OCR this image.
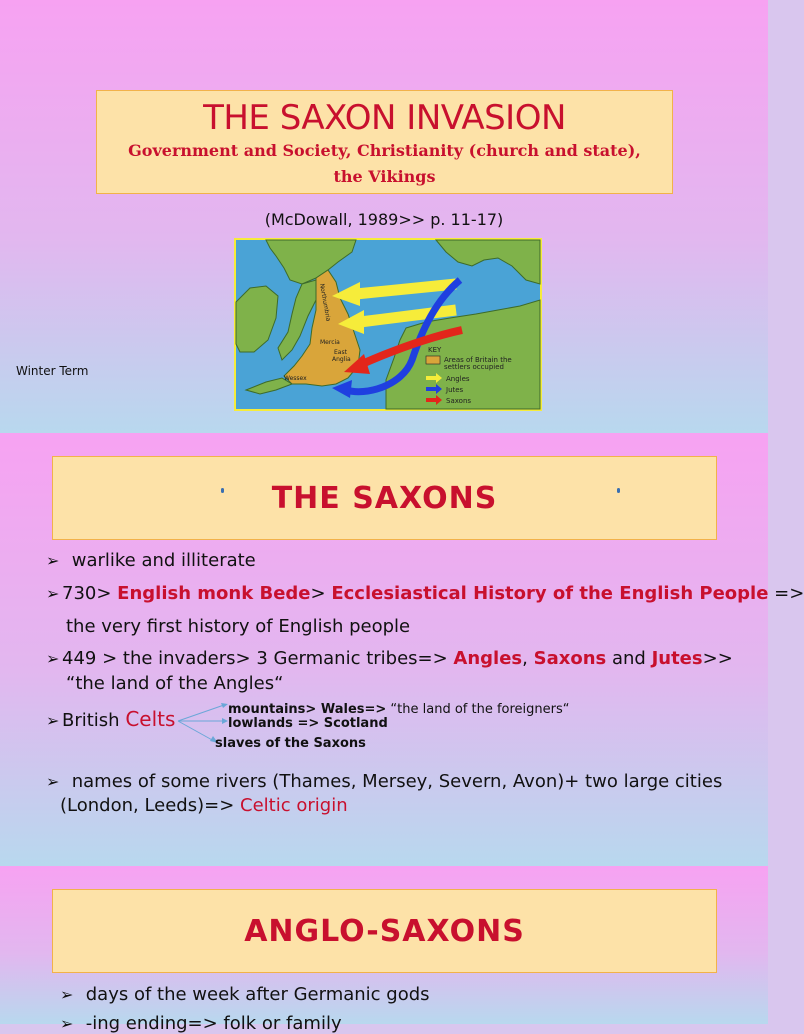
THE SAXON INVASION
Government and Society, Christianity (church and state),
the Vikings
(McDowall, 1989>> p. 11-17)
Winter Term
Northumbria
Mercia
East
Anglia
Wessex
KEY
Areas of Britain the
settlers occupied
Angles
Jutes
Saxons
THE SAXONS
➢ warlike and illiterate
➢ 730> English monk Bede> Ecclesiastical History of the English People =>
the very first history of English people
➢ 449 > the invaders> 3 Germanic tribes=> Angles, Saxons and Jutes>>
“the land of the Angles“
➢ British Celts	mountains> Wales=> “the land of the foreigners“
lowlands => Scotland
slaves of the Saxons
➢ names of some rivers (Thames, Mersey, Severn, Avon)+ two large cities
(London, Leeds)=> Celtic origin
ANGLO-SAXONS
➢ days of the week after Germanic gods
➢ -ing ending=> folk or family
